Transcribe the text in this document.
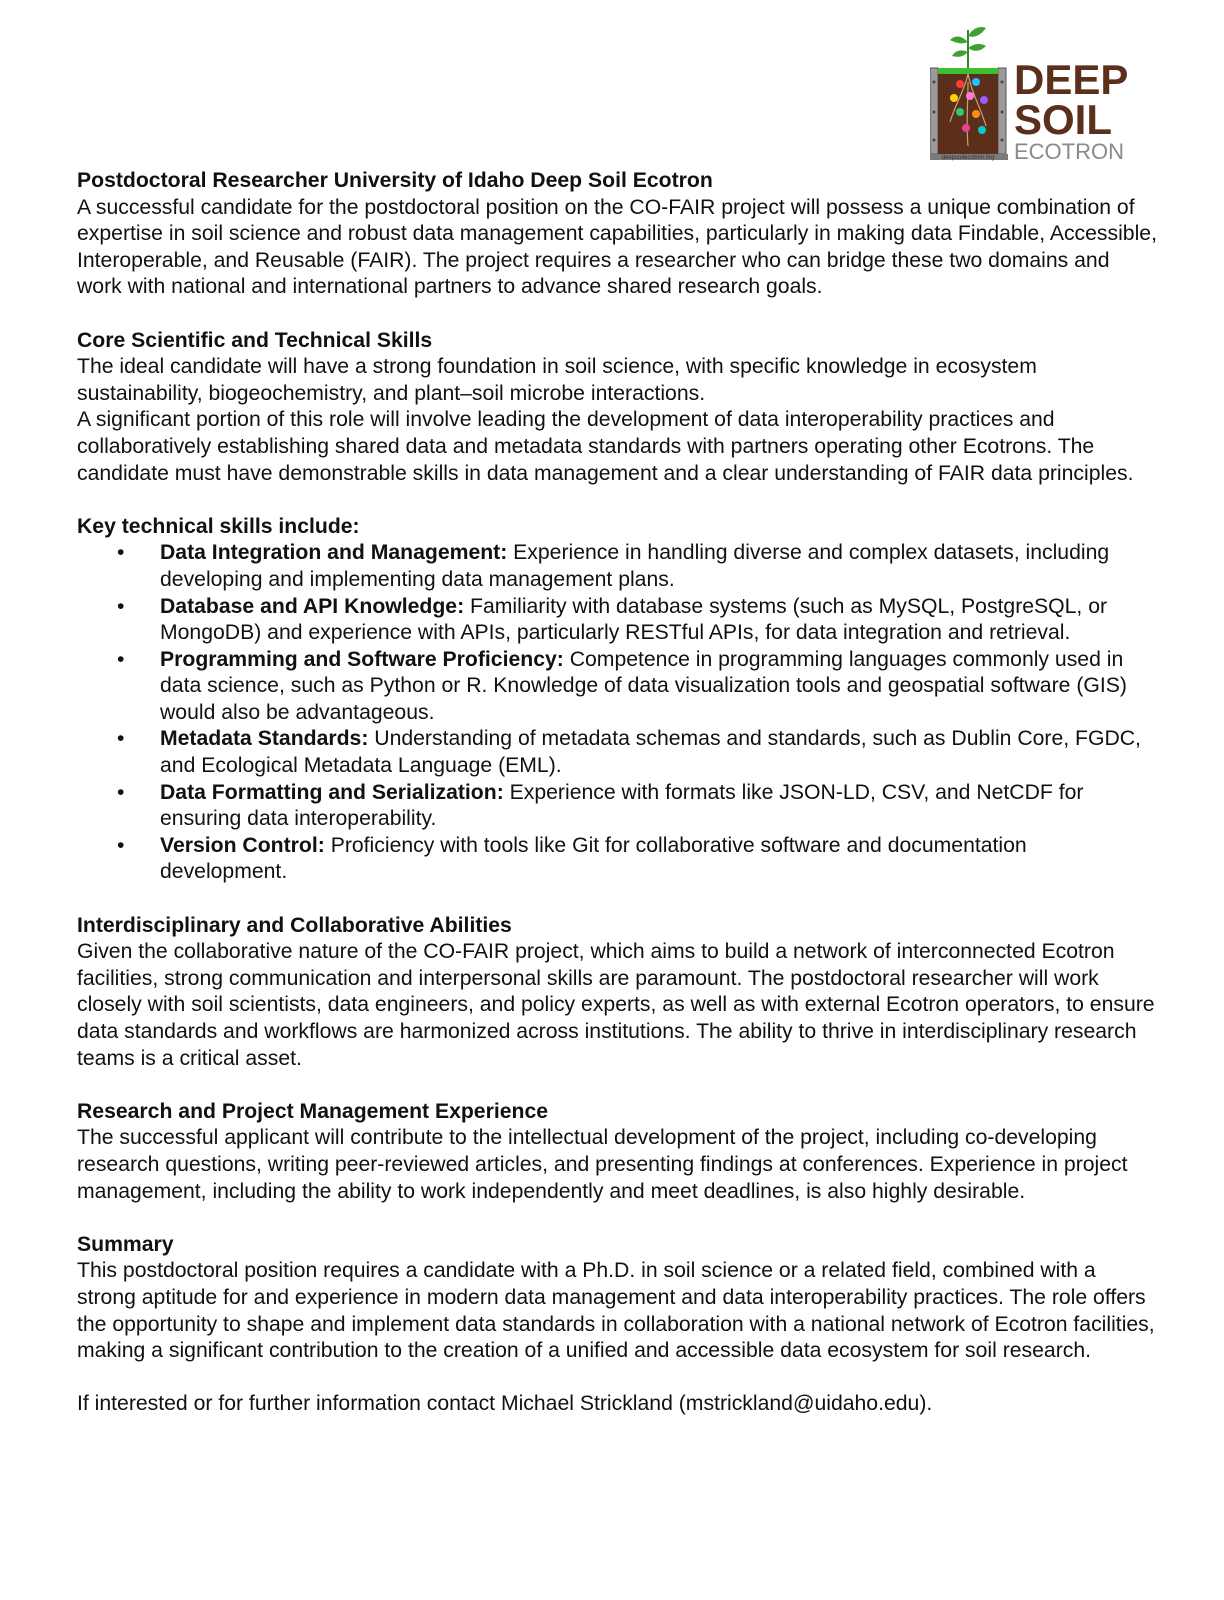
DEEP
SOIL
ECOTRON
deepsoilecotron.org
Postdoctoral Researcher University of Idaho Deep Soil Ecotron

A successful candidate for the postdoctoral position on the CO-FAIR project will possess a unique combination of expertise in soil science and robust data management capabilities, particularly in making data Findable, Accessible, Interoperable, and Reusable (FAIR). The project requires a researcher who can bridge these two domains and work with national and international partners to advance shared research goals.

Core Scientific and Technical Skills

The ideal candidate will have a strong foundation in soil science, with specific knowledge in ecosystem sustainability, biogeochemistry, and plant–soil microbe interactions.

A significant portion of this role will involve leading the development of data interoperability practices and collaboratively establishing shared data and metadata standards with partners operating other Ecotrons. The candidate must have demonstrable skills in data management and a clear understanding of FAIR data principles.

Key technical skills include:
• Data Integration and Management: Experience in handling diverse and complex datasets, including developing and implementing data management plans.
• Database and API Knowledge: Familiarity with database systems (such as MySQL, PostgreSQL, or MongoDB) and experience with APIs, particularly RESTful APIs, for data integration and retrieval.
• Programming and Software Proficiency: Competence in programming languages commonly used in data science, such as Python or R. Knowledge of data visualization tools and geospatial software (GIS) would also be advantageous.
• Metadata Standards: Understanding of metadata schemas and standards, such as Dublin Core, FGDC, and Ecological Metadata Language (EML).
• Data Formatting and Serialization: Experience with formats like JSON-LD, CSV, and NetCDF for ensuring data interoperability.
• Version Control: Proficiency with tools like Git for collaborative software and documentation development.
Interdisciplinary and Collaborative Abilities

Given the collaborative nature of the CO-FAIR project, which aims to build a network of interconnected Ecotron facilities, strong communication and interpersonal skills are paramount. The postdoctoral researcher will work closely with soil scientists, data engineers, and policy experts, as well as with external Ecotron operators, to ensure data standards and workflows are harmonized across institutions. The ability to thrive in interdisciplinary research teams is a critical asset.

Research and Project Management Experience

The successful applicant will contribute to the intellectual development of the project, including co-developing research questions, writing peer-reviewed articles, and presenting findings at conferences. Experience in project management, including the ability to work independently and meet deadlines, is also highly desirable.

Summary

This postdoctoral position requires a candidate with a Ph.D. in soil science or a related field, combined with a strong aptitude for and experience in modern data management and data interoperability practices. The role offers the opportunity to shape and implement data standards in collaboration with a national network of Ecotron facilities, making a significant contribution to the creation of a unified and accessible data ecosystem for soil research.

If interested or for further information contact Michael Strickland (mstrickland@uidaho.edu).
